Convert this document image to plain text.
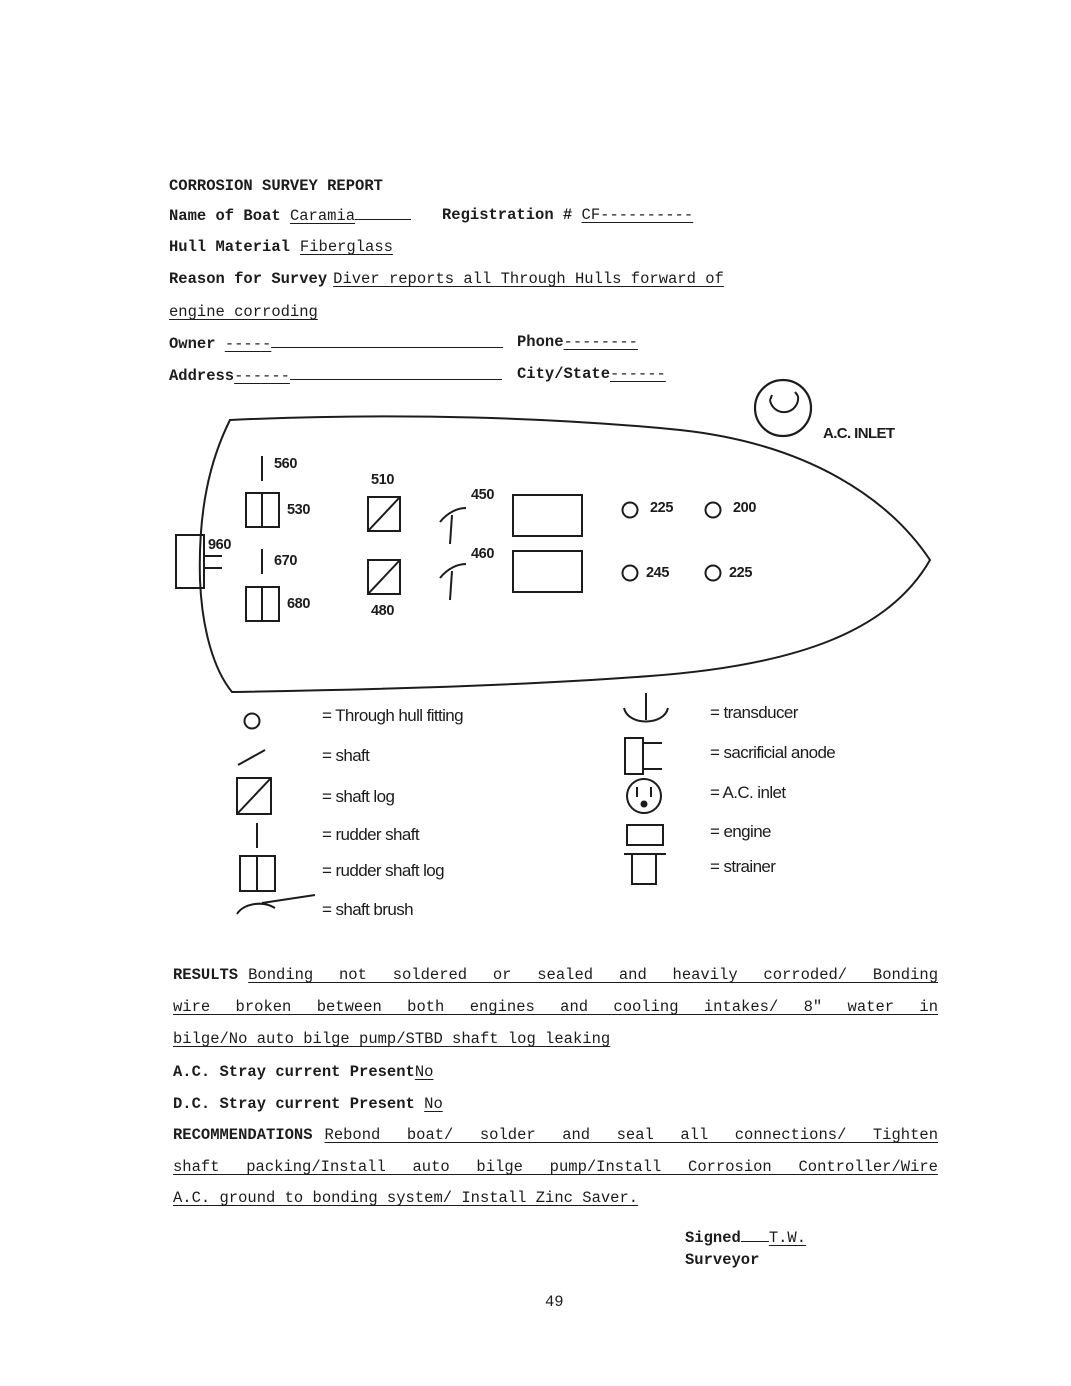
CORROSION SURVEY REPORT
Name of Boat Caramia	Registration # CF----------
Hull Material Fiberglass
Reason for Survey Diver reports all Through Hulls forward of
engine corroding
Owner -----	Phone--------
Address------	City/State------
A.C. INLET
960
560
530
670
680
510
480
450
460
225	200
245	225
= Through hull fitting
= shaft
= shaft log
= rudder shaft
= rudder shaft log
= shaft brush
= transducer
= sacrificial anode
= A.C. inlet
= engine
= strainer
RESULTS Bonding not soldered or sealed and heavily corroded/ Bonding
wire broken between both engines and cooling intakes/ 8" water in
bilge/No auto bilge pump/STBD shaft log leaking
A.C. Stray current PresentNo
D.C. Stray current Present No
RECOMMENDATIONS Rebond boat/ solder and seal all connections/ Tighten
shaft packing/Install auto bilge pump/Install Corrosion Controller/Wire
A.C. ground to bonding system/ Install Zinc Saver.
Signed T.W.
Surveyor
49
